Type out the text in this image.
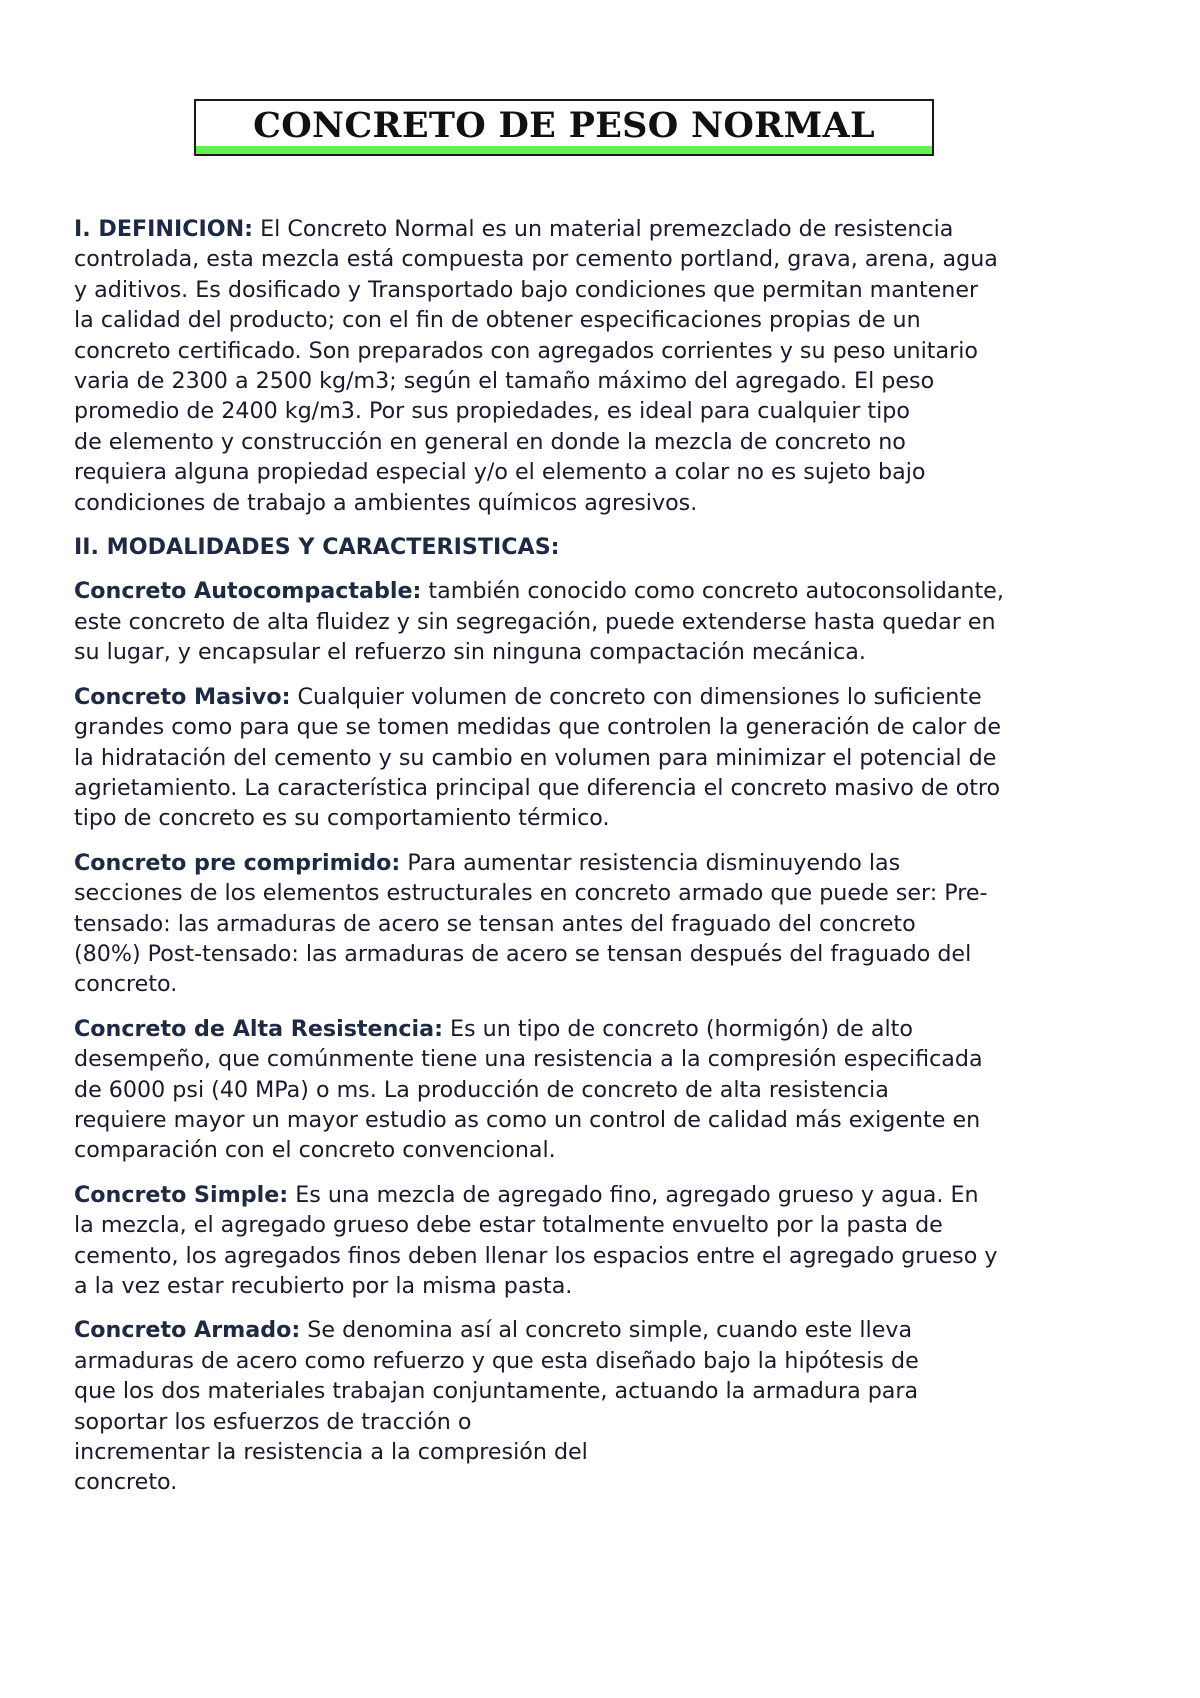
CONCRETO DE PESO NORMAL
I. DEFINICION: El Concreto Normal es un material premezclado de resistencia
controlada, esta mezcla está compuesta por cemento portland, grava, arena, agua
y aditivos. Es dosificado y Transportado bajo condiciones que permitan mantener
la calidad del producto; con el fin de obtener especificaciones propias de un
concreto certificado. Son preparados con agregados corrientes y su peso unitario
varia de 2300 a 2500 kg/m3; según el tamaño máximo del agregado. El peso
promedio de 2400 kg/m3. Por sus propiedades, es ideal para cualquier tipo
de elemento y construcción en general en donde la mezcla de concreto no
requiera alguna propiedad especial y/o el elemento a colar no es sujeto bajo
condiciones de trabajo a ambientes químicos agresivos.
II. MODALIDADES Y CARACTERISTICAS:
Concreto Autocompactable: también conocido como concreto autoconsolidante,
este concreto de alta fluidez y sin segregación, puede extenderse hasta quedar en
su lugar, y encapsular el refuerzo sin ninguna compactación mecánica.
Concreto Masivo: Cualquier volumen de concreto con dimensiones lo suficiente
grandes como para que se tomen medidas que controlen la generación de calor de
la hidratación del cemento y su cambio en volumen para minimizar el potencial de
agrietamiento. La característica principal que diferencia el concreto masivo de otro
tipo de concreto es su comportamiento térmico.
Concreto pre comprimido: Para aumentar resistencia disminuyendo las
secciones de los elementos estructurales en concreto armado que puede ser: Pre-
tensado: las armaduras de acero se tensan antes del fraguado del concreto
(80%) Post-tensado: las armaduras de acero se tensan después del fraguado del
concreto.
Concreto de Alta Resistencia: Es un tipo de concreto (hormigón) de alto
desempeño, que comúnmente tiene una resistencia a la compresión especificada
de 6000 psi (40 MPa) o ms. La producción de concreto de alta resistencia
requiere mayor un mayor estudio as como un control de calidad más exigente en
comparación con el concreto convencional.
Concreto Simple: Es una mezcla de agregado fino, agregado grueso y agua. En
la mezcla, el agregado grueso debe estar totalmente envuelto por la pasta de
cemento, los agregados finos deben llenar los espacios entre el agregado grueso y
a la vez estar recubierto por la misma pasta.
Concreto Armado: Se denomina así al concreto simple, cuando este lleva
armaduras de acero como refuerzo y que esta diseñado bajo la hipótesis de
que los dos materiales trabajan conjuntamente, actuando la armadura para
soportar los esfuerzos de tracción o
incrementar la resistencia a la compresión del
concreto.
